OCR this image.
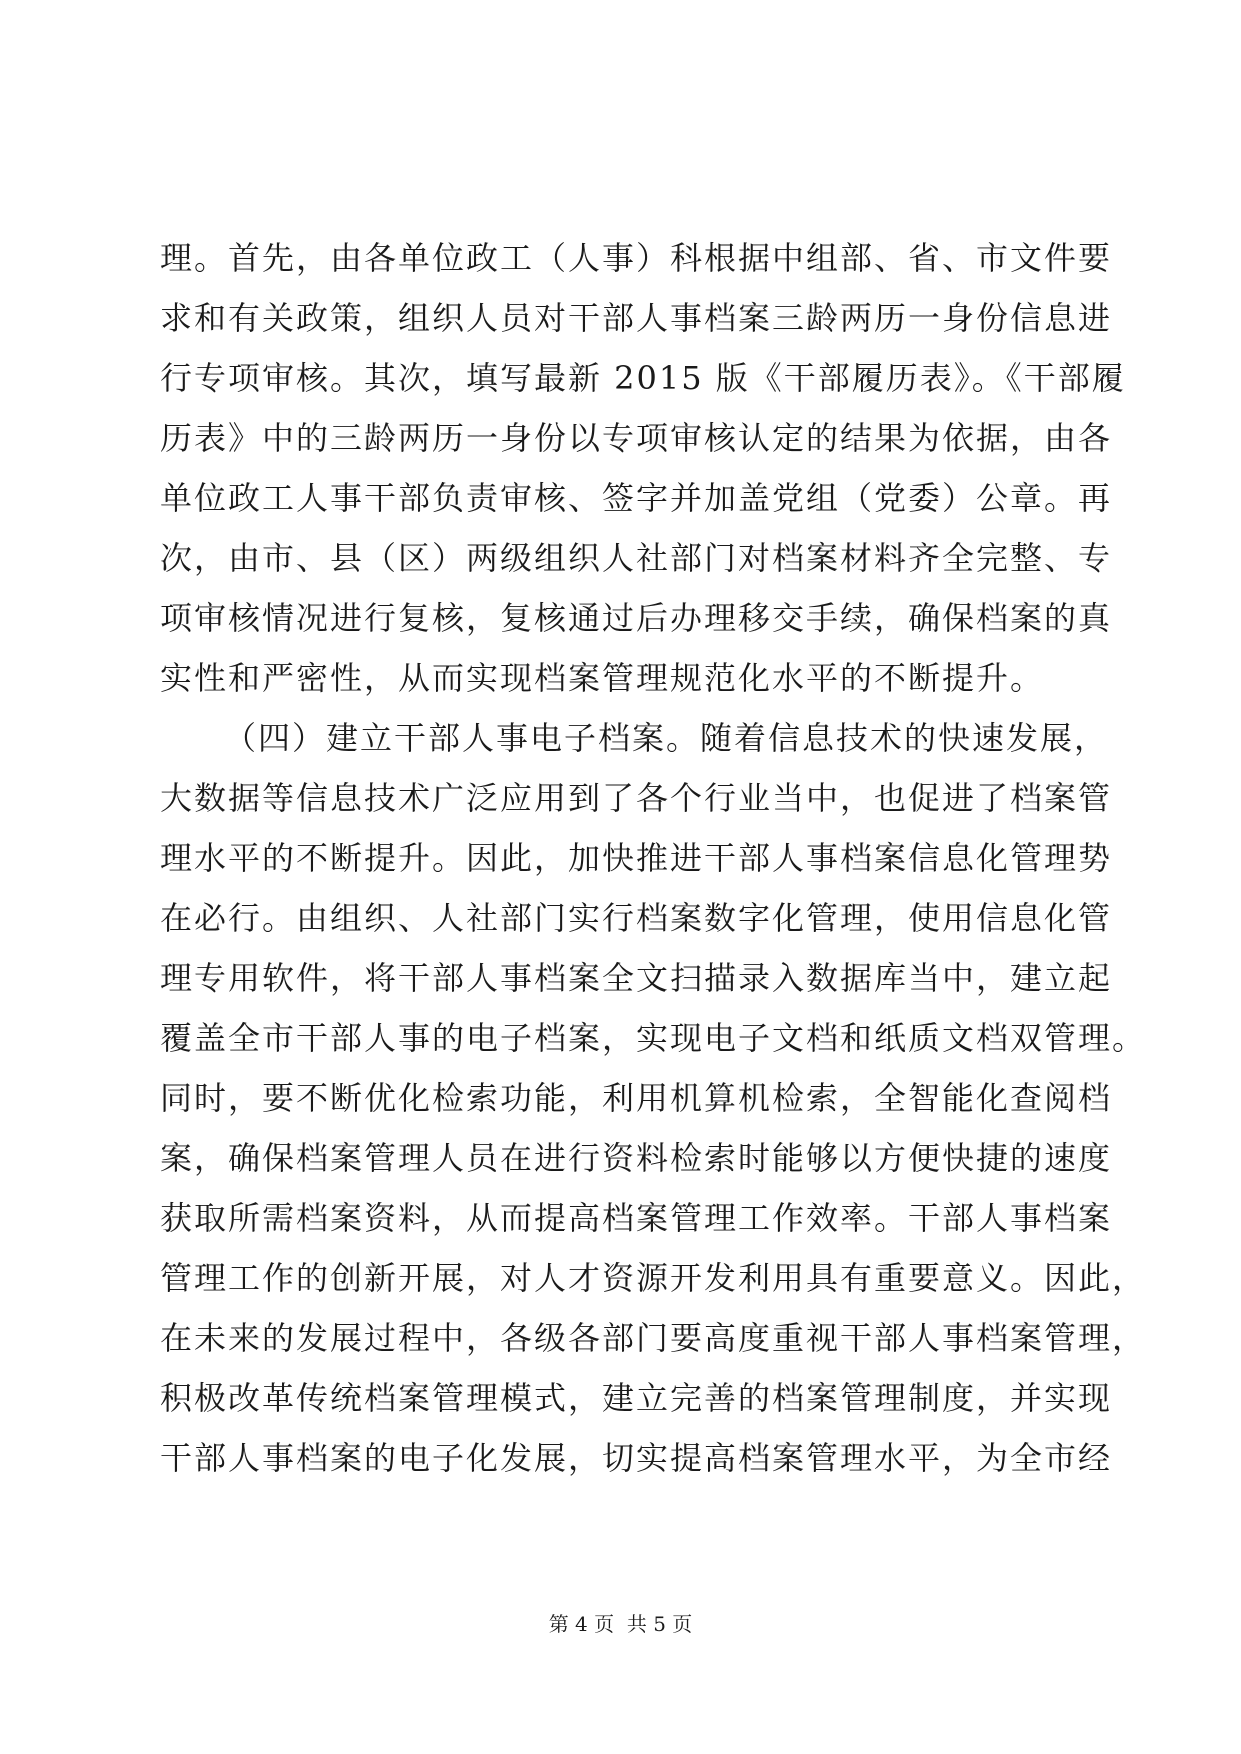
理。首先，由各单位政工（人事）科根据中组部、省、市文件要
求和有关政策，组织人员对干部人事档案三龄两历一身份信息进
行专项审核。其次，填写最新 2015 版《干部履历表》。《干部履
历表》中的三龄两历一身份以专项审核认定的结果为依据，由各
单位政工人事干部负责审核、签字并加盖党组（党委）公章。再
次，由市、县（区）两级组织人社部门对档案材料齐全完整、专
项审核情况进行复核，复核通过后办理移交手续，确保档案的真
实性和严密性，从而实现档案管理规范化水平的不断提升。
（四）建立干部人事电子档案。随着信息技术的快速发展，
大数据等信息技术广泛应用到了各个行业当中，也促进了档案管
理水平的不断提升。因此，加快推进干部人事档案信息化管理势
在必行。由组织、人社部门实行档案数字化管理，使用信息化管
理专用软件，将干部人事档案全文扫描录入数据库当中，建立起
覆盖全市干部人事的电子档案，实现电子文档和纸质文档双管理。
同时，要不断优化检索功能，利用机算机检索，全智能化查阅档
案，确保档案管理人员在进行资料检索时能够以方便快捷的速度
获取所需档案资料，从而提高档案管理工作效率。干部人事档案
管理工作的创新开展，对人才资源开发利用具有重要意义。因此，
在未来的发展过程中，各级各部门要高度重视干部人事档案管理，
积极改革传统档案管理模式，建立完善的档案管理制度，并实现
干部人事档案的电子化发展，切实提高档案管理水平，为全市经
第 4 页  共 5 页
